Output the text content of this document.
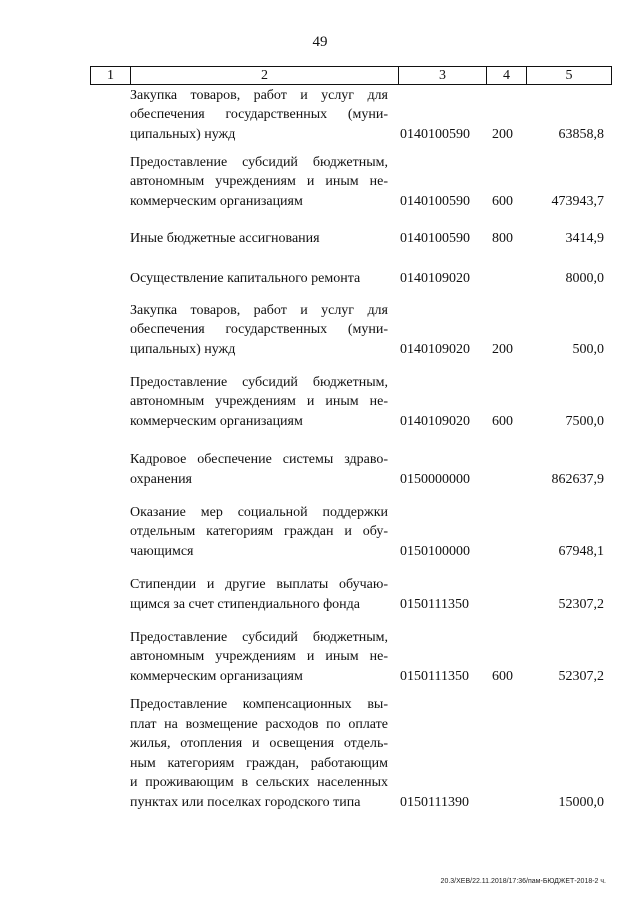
49
1	2	3	4	5
Закупка товаров, работ и услуг для
обеспечения государственных (муни-
ципальных) нужд	0140100590 200	63858,8
Предоставление субсидий бюджетным,
автономным учреждениям и иным не-
коммерческим организациям	0140100590 600	473943,7
Иные бюджетные ассигнования	0140100590 800	3414,9
Осуществление капитального ремонта	0140109020	8000,0
Закупка товаров, работ и услуг для
обеспечения государственных (муни-
ципальных) нужд	0140109020 200	500,0
Предоставление субсидий бюджетным,
автономным учреждениям и иным не-
коммерческим организациям	0140109020 600	7500,0
Кадровое обеспечение системы здраво-
охранения	0150000000	862637,9
Оказание мер социальной поддержки
отдельным категориям граждан и обу-
чающимся	0150100000	67948,1
Стипендии и другие выплаты обучаю-
щимся за счет стипендиального фонда	0150111350	52307,2
Предоставление субсидий бюджетным,
автономным учреждениям и иным не-
коммерческим организациям	0150111350 600	52307,2
Предоставление компенсационных вы-
плат на возмещение расходов по оплате
жилья, отопления и освещения отдель-
ным категориям граждан, работающим
и проживающим в сельских населенных
пунктах или поселках городского типа	0150111390	15000,0
20.3/ХЕВ/22.11.2018/17:36/пам-БЮДЖЕТ-2018-2 ч.
